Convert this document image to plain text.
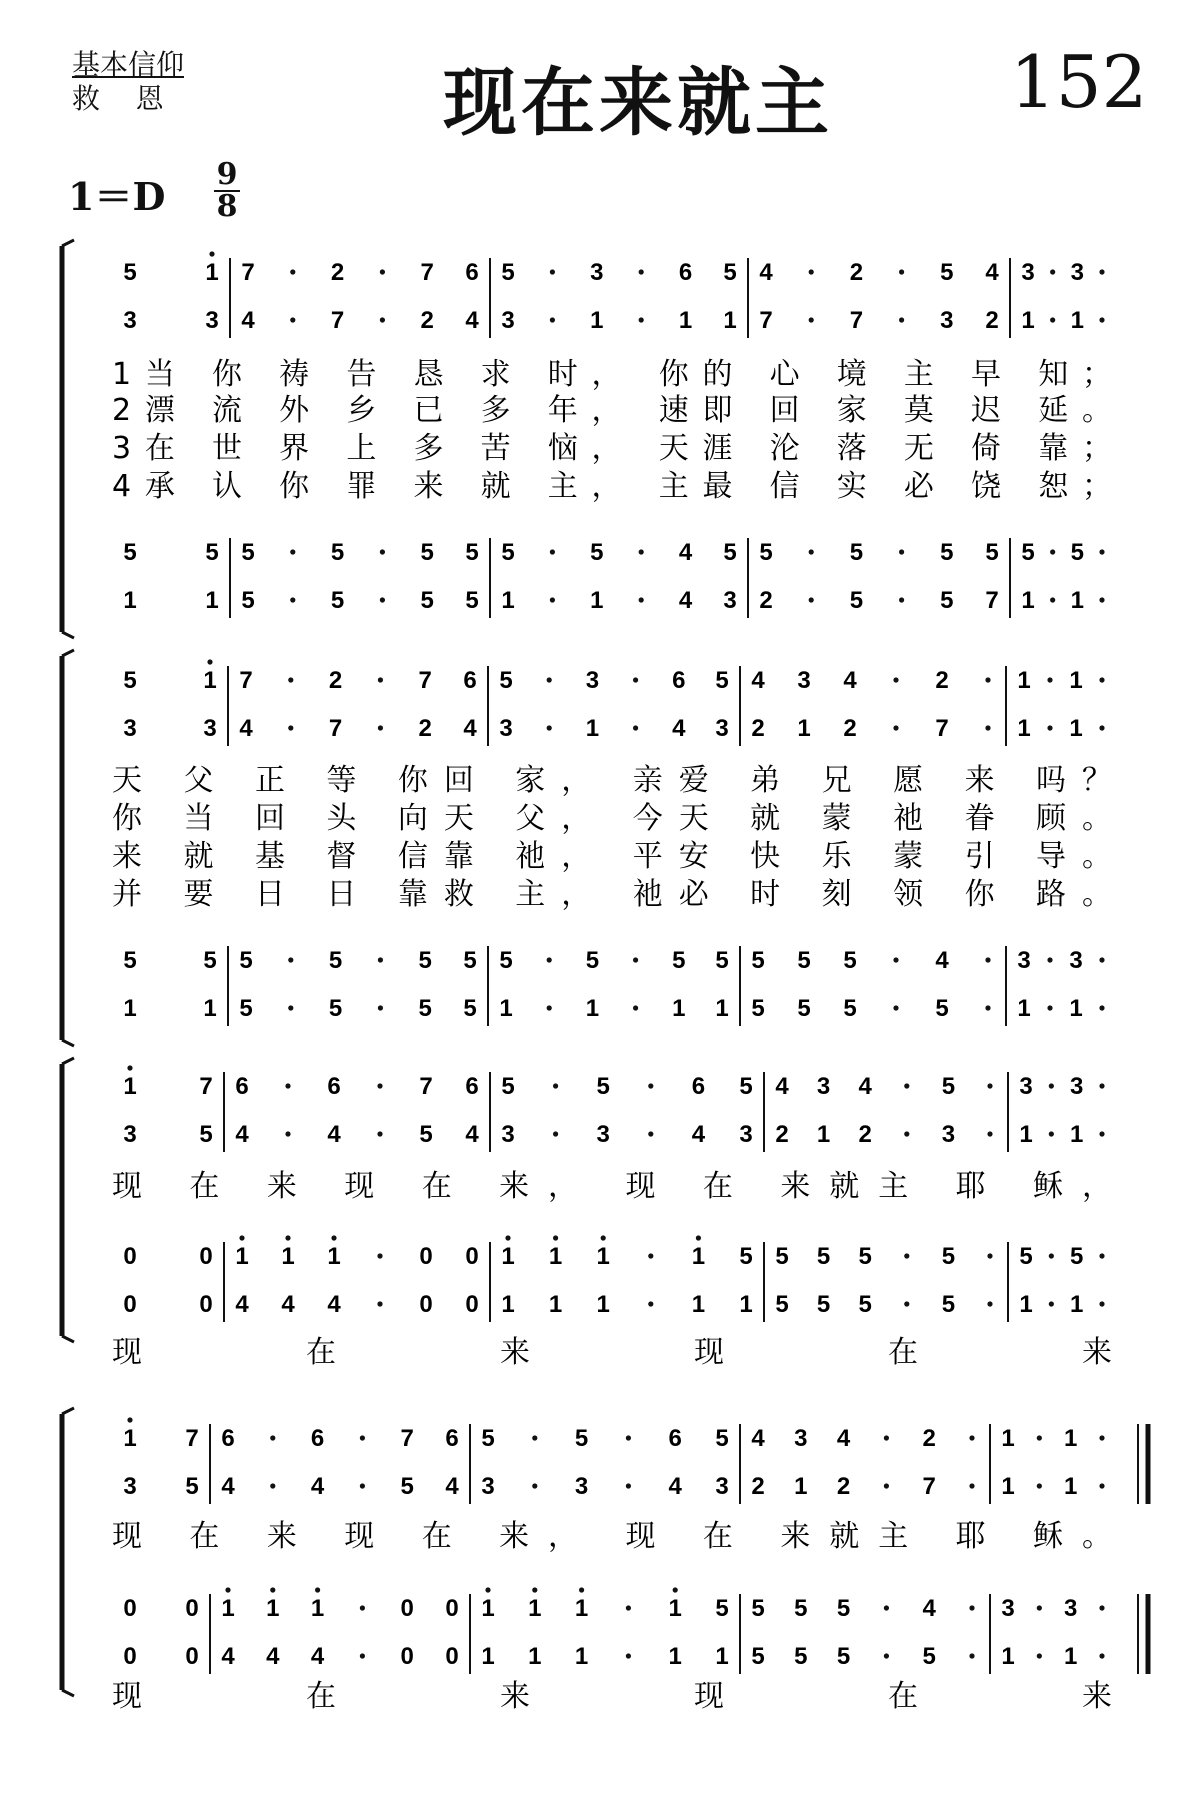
基本信仰
救    恩	现在来就主	152
1＝D 9
8
5	1 7	2	7 6 5	3	6 5 4	2	5 4 3 3
3	3 4	7	2 4 3	1	1 1 7	7	3 2 1 1
5	5 5	5	5 5 5	5	4 5 5	5	5 5 5 5
1	1 5	5	5 5 1	1	4 3 2	5	5 7 1 1
1当 你 祷 告 恳 求 时， 你的 心 境 主 早 知；
2漂 流 外 乡 已 多 年， 速即 回 家 莫 迟 延。
3在 世 界 上 多 苦 恼， 天涯 沦 落 无 倚 靠；
4承 认 你 罪 来 就 主， 主最 信 实 必 饶 恕；
5	1 7	2	7 6 5	3	6 5 4 3 4	2	1 1
3	3 4	7	2 4 3	1	4 3 2 1 2	7	1 1
5	5 5	5	5 5 5	5	5 5 5 5 5	4	3 3
1	1 5	5	5 5 1	1	1 1 5 5 5	5	1 1
天 父 正 等 你回 家， 亲爱 弟 兄 愿 来 吗？
你 当 回 头 向天 父， 今天 就 蒙 祂 眷 顾。
来 就 基 督 信靠 祂， 平安 快 乐 蒙 引 导。
并 要 日 日 靠救 主， 祂必 时 刻 领 你 路。
1	7 6	6	7 6 5	5	6 5 4 3 4	5	3 3
3	5 4	4	5 4 3	3	4 3 2 1 2	3	1 1
0	0 1 1 1	0 0 1 1 1	1 5 5 5 5	5	5 5
0	0 4 4 4	0 0 1 1 1	1 1 5 5 5	5	1 1
现 在 来 现 在 来， 现 在 来就主 耶 稣，
现 在 来 现 在 来
1 7 6	6	7 6 5	5	6 5 4 3 4	2	1 1
3 5 4	4	5 4 3	3	4 3 2 1 2	7	1 1
0 0 1 1 1	0 0 1 1 1	1 5 5 5 5	4	3 3
0 0 4 4 4	0 0 1 1 1	1 1 5 5 5	5	1 1
现 在 来 现 在 来， 现 在 来就主 耶 稣。
现 在 来 现 在 来
